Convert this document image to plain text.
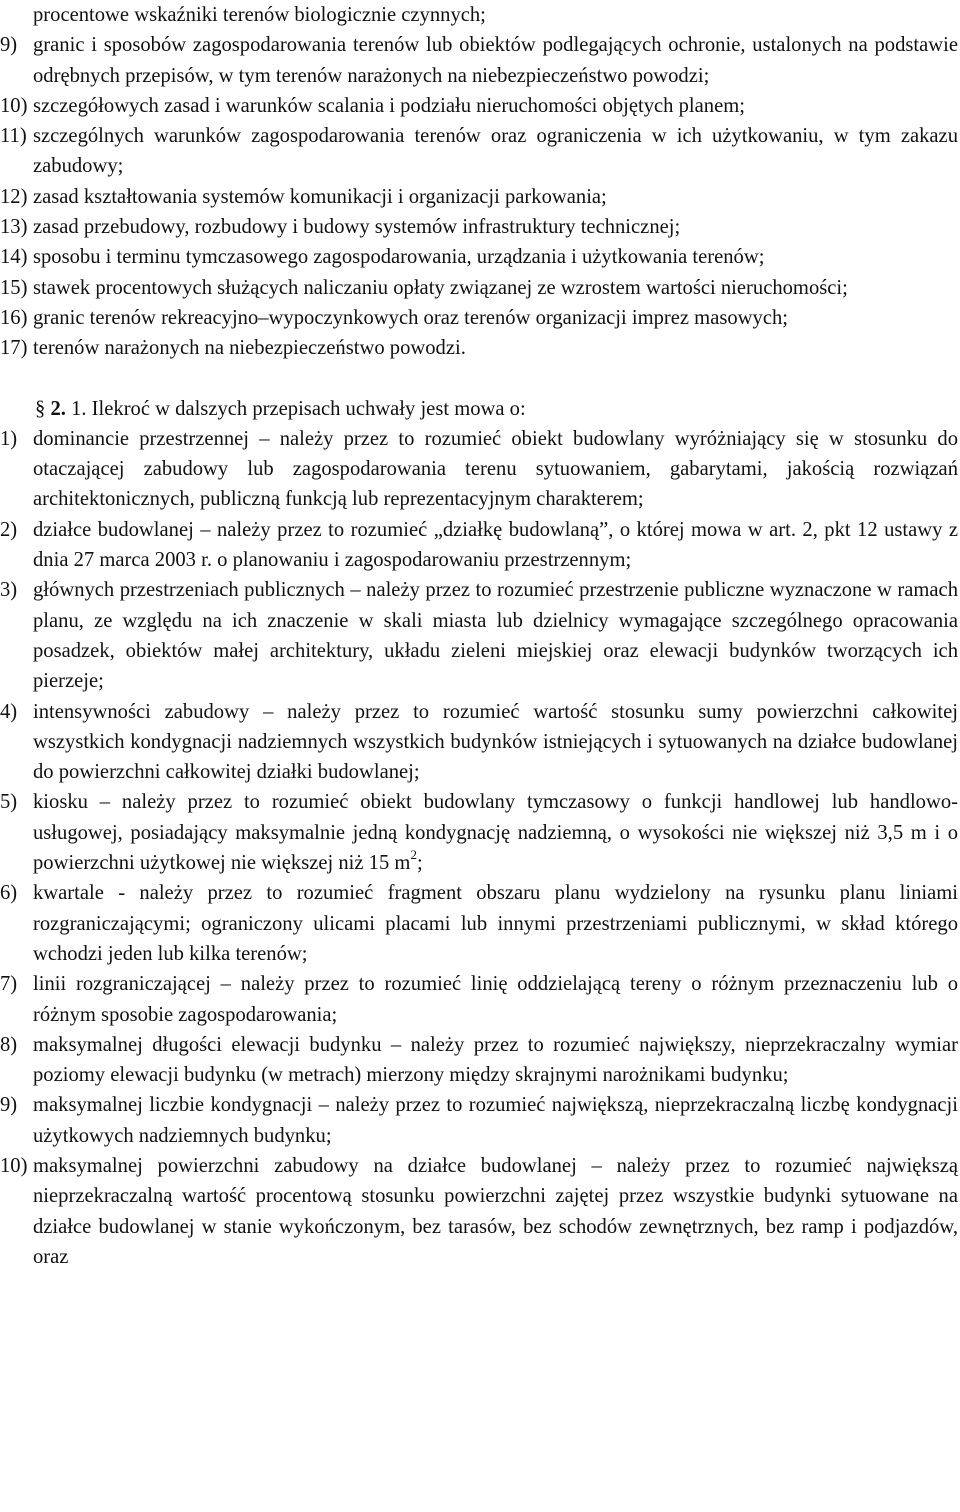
procentowe wskaźniki terenów biologicznie czynnych;
9) granic i sposobów zagospodarowania terenów lub obiektów podlegających ochronie, ustalonych na podstawie odrębnych przepisów, w tym terenów narażonych na niebezpieczeństwo powodzi;
10) szczegółowych zasad i warunków scalania i podziału nieruchomości objętych planem;
11) szczególnych warunków zagospodarowania terenów oraz ograniczenia w ich użytkowaniu, w tym zakazu zabudowy;
12) zasad kształtowania systemów komunikacji i organizacji parkowania;
13) zasad przebudowy, rozbudowy i budowy systemów infrastruktury technicznej;
14) sposobu i terminu tymczasowego zagospodarowania, urządzania i użytkowania terenów;
15) stawek procentowych służących naliczaniu opłaty związanej ze wzrostem wartości nieruchomości;
16) granic terenów rekreacyjno–wypoczynkowych oraz terenów organizacji imprez masowych;
17) terenów narażonych na niebezpieczeństwo powodzi.
§ 2. 1. Ilekroć w dalszych przepisach uchwały jest mowa o:
1) dominancie przestrzennej – należy przez to rozumieć obiekt budowlany wyróżniający się w stosunku do otaczającej zabudowy lub zagospodarowania terenu sytuowaniem, gabarytami, jakością rozwiązań architektonicznych, publiczną funkcją lub reprezentacyjnym charakterem;
2) działce budowlanej – należy przez to rozumieć „działkę budowlaną”, o której mowa w art. 2, pkt 12 ustawy z dnia 27 marca 2003 r. o planowaniu i zagospodarowaniu przestrzennym;
3) głównych przestrzeniach publicznych – należy przez to rozumieć przestrzenie publiczne wyznaczone w ramach planu, ze względu na ich znaczenie w skali miasta lub dzielnicy wymagające szczególnego opracowania posadzek, obiektów małej architektury, układu zieleni miejskiej oraz elewacji budynków tworzących ich pierzeje;
4) intensywności zabudowy – należy przez to rozumieć wartość stosunku sumy powierzchni całkowitej wszystkich kondygnacji nadziemnych wszystkich budynków istniejących i sytuowanych na działce budowlanej do powierzchni całkowitej działki budowlanej;
5) kiosku – należy przez to rozumieć obiekt budowlany tymczasowy o funkcji handlowej lub handlowo-usługowej, posiadający maksymalnie jedną kondygnację nadziemną, o wysokości nie większej niż 3,5 m i o powierzchni użytkowej nie większej niż 15 $m^2$;
6) kwartale - należy przez to rozumieć fragment obszaru planu wydzielony na rysunku planu liniami rozgraniczającymi; ograniczony ulicami placami lub innymi przestrzeniami publicznymi, w skład którego wchodzi jeden lub kilka terenów;
7) linii rozgraniczającej – należy przez to rozumieć linię oddzielającą tereny o różnym przeznaczeniu lub o różnym sposobie zagospodarowania;
8) maksymalnej długości elewacji budynku – należy przez to rozumieć największy, nieprzekraczalny wymiar poziomy elewacji budynku (w metrach) mierzony między skrajnymi narożnikami budynku;
9) maksymalnej liczbie kondygnacji – należy przez to rozumieć największą, nieprzekraczalną liczbę kondygnacji użytkowych nadziemnych budynku;
10) maksymalnej powierzchni zabudowy na działce budowlanej – należy przez to rozumieć największą nieprzekraczalną wartość procentową stosunku powierzchni zajętej przez wszystkie budynki sytuowane na działce budowlanej w stanie wykończonym, bez tarasów, bez schodów zewnętrznych, bez ramp i podjazdów, oraz
